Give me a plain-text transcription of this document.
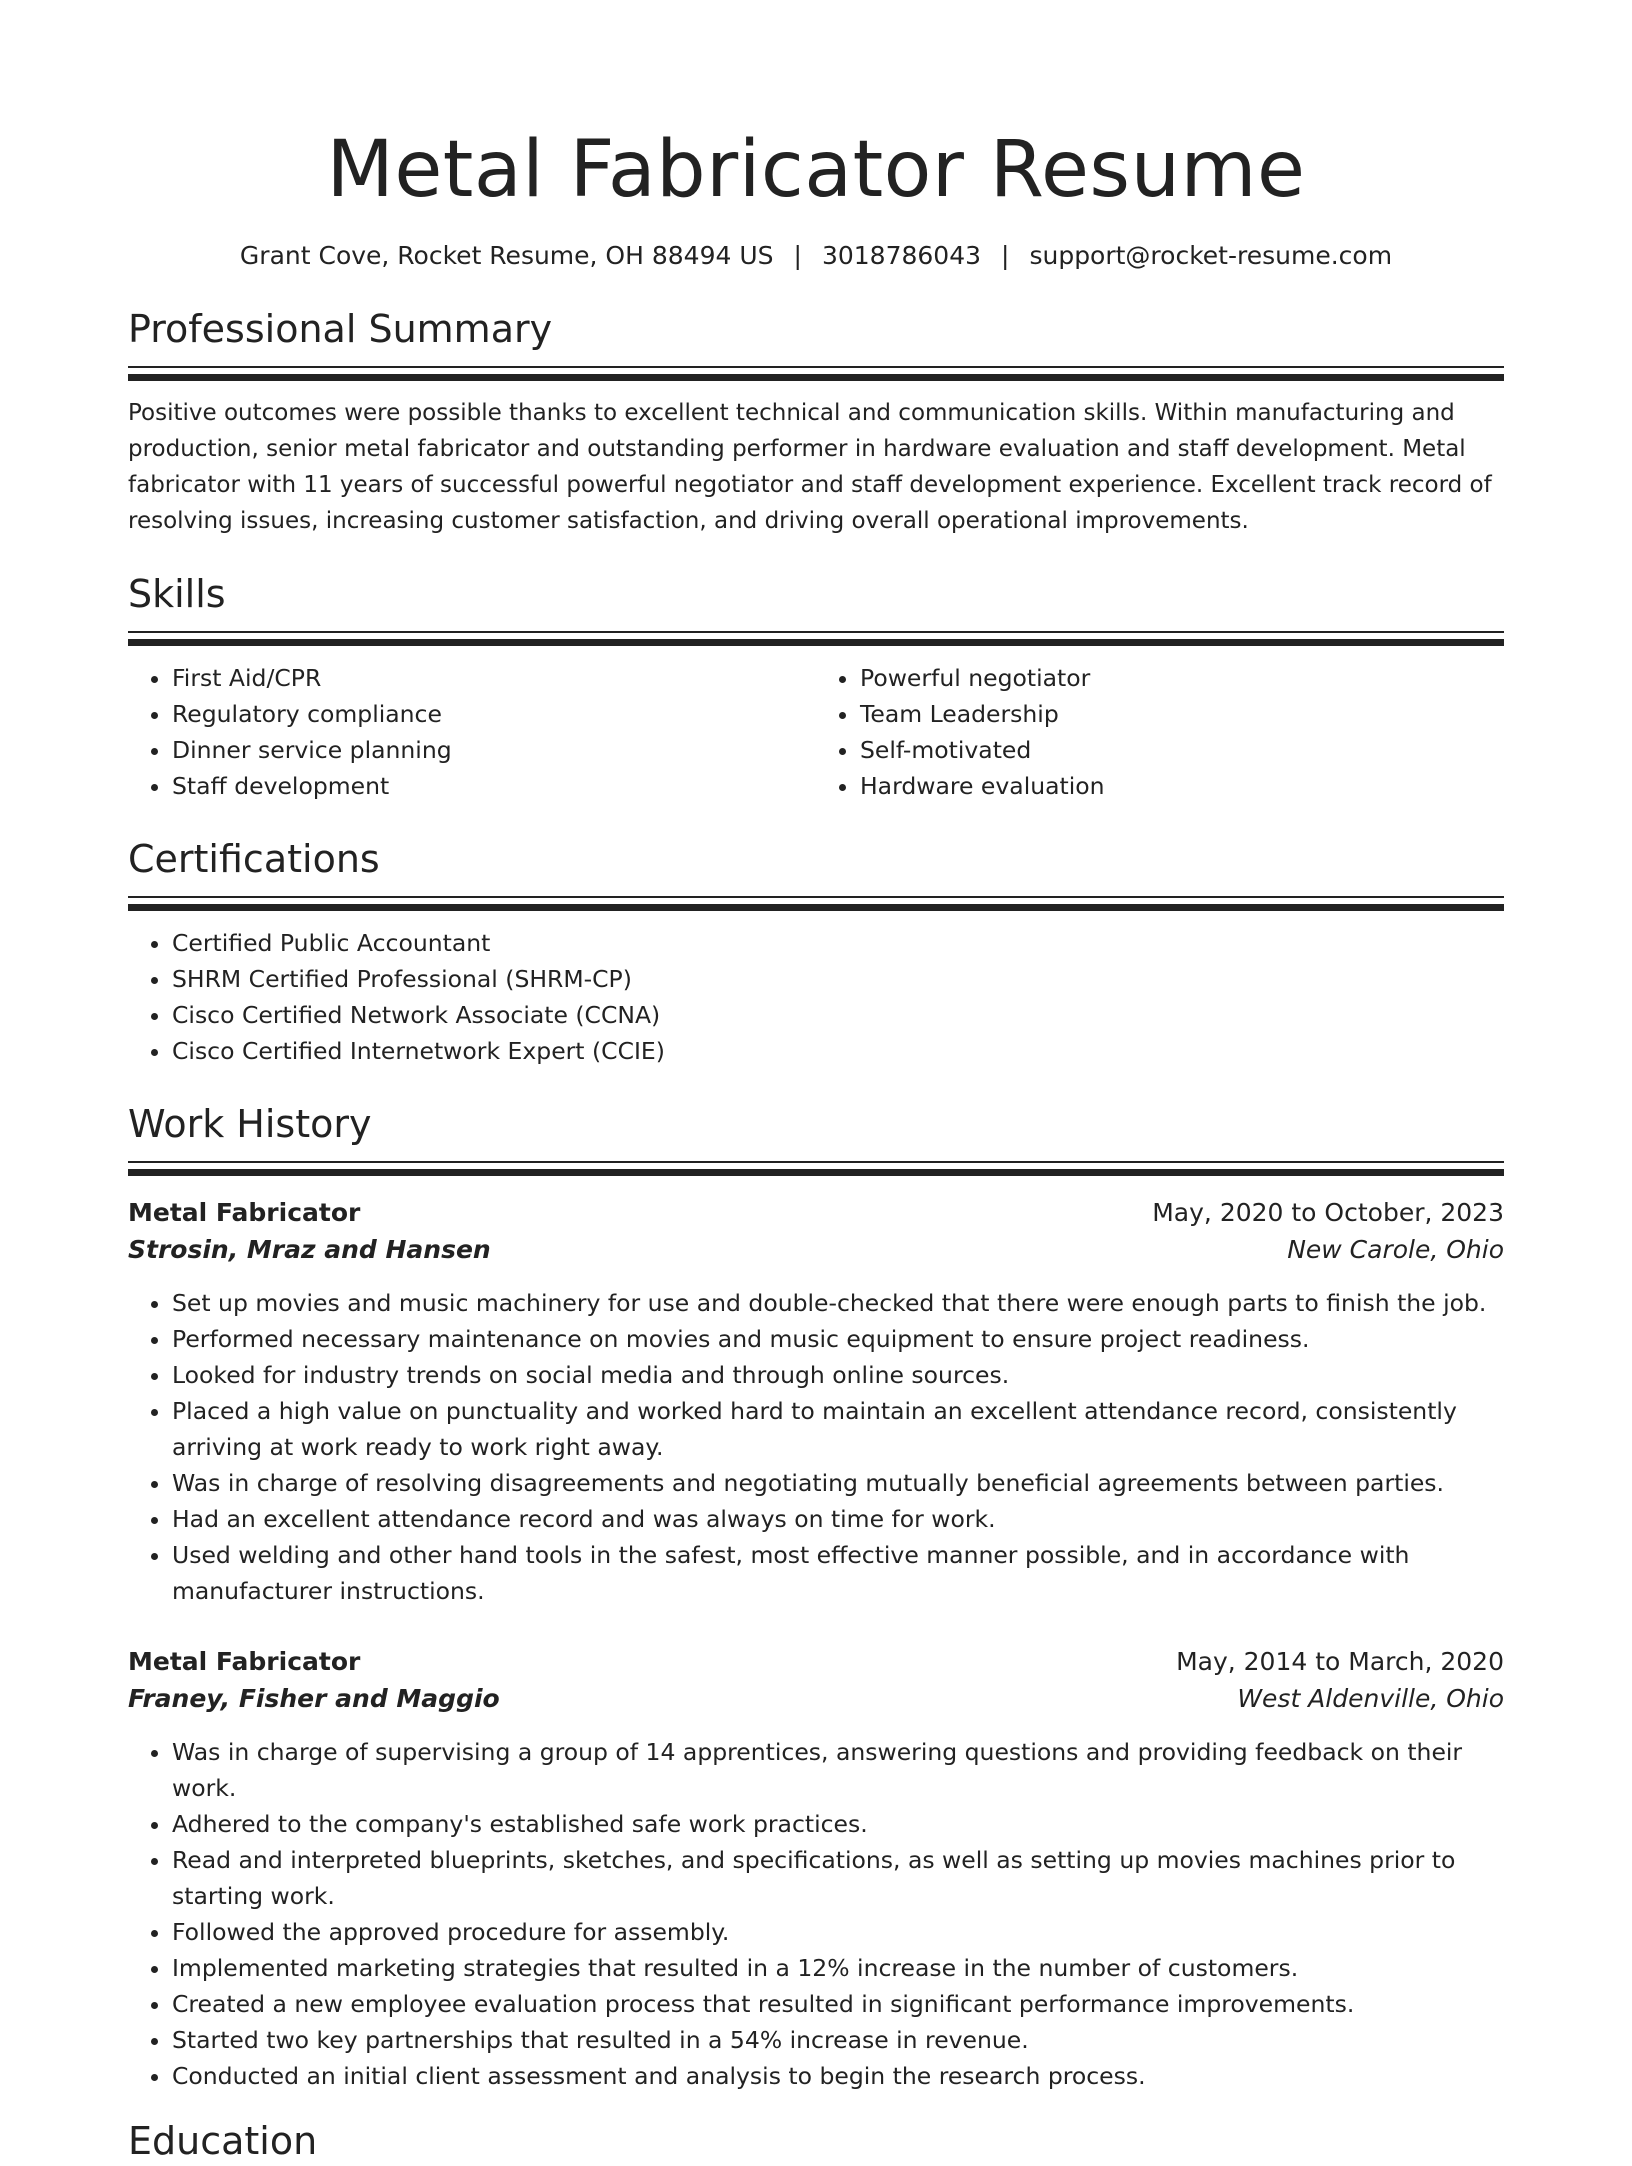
Metal Fabricator Resume
Grant Cove, Rocket Resume, OH 88494 US | 3018786043 | support@rocket-resume.com
Professional Summary

Positive outcomes were possible thanks to excellent technical and communication skills. Within manufacturing and production, senior metal fabricator and outstanding performer in hardware evaluation and staff development. Metal fabricator with 11 years of successful powerful negotiator and staff development experience. Excellent track record of resolving issues, increasing customer satisfaction, and driving overall operational improvements.

Skills
• First Aid/CPR
• Regulatory compliance
• Dinner service planning
• Staff development
• Powerful negotiator
• Team Leadership
• Self-motivated
• Hardware evaluation
Certifications
• Certified Public Accountant
• SHRM Certified Professional (SHRM-CP)
• Cisco Certified Network Associate (CCNA)
• Cisco Certified Internetwork Expert (CCIE)
Work History
Metal Fabricator	May, 2020 to October, 2023
Strosin, Mraz and Hansen	New Carole, Ohio
• Set up movies and music machinery for use and double-checked that there were enough parts to finish the job.
• Performed necessary maintenance on movies and music equipment to ensure project readiness.
• Looked for industry trends on social media and through online sources.
• Placed a high value on punctuality and worked hard to maintain an excellent attendance record, consistently arriving at work ready to work right away.
• Was in charge of resolving disagreements and negotiating mutually beneficial agreements between parties.
• Had an excellent attendance record and was always on time for work.
• Used welding and other hand tools in the safest, most effective manner possible, and in accordance with manufacturer instructions.
Metal Fabricator	May, 2014 to March, 2020
Franey, Fisher and Maggio	West Aldenville, Ohio
• Was in charge of supervising a group of 14 apprentices, answering questions and providing feedback on their work.
• Adhered to the company's established safe work practices.
• Read and interpreted blueprints, sketches, and specifications, as well as setting up movies machines prior to starting work.
• Followed the approved procedure for assembly.
• Implemented marketing strategies that resulted in a 12% increase in the number of customers.
• Created a new employee evaluation process that resulted in significant performance improvements.
• Started two key partnerships that resulted in a 54% increase in revenue.
• Conducted an initial client assessment and analysis to begin the research process.
Education
